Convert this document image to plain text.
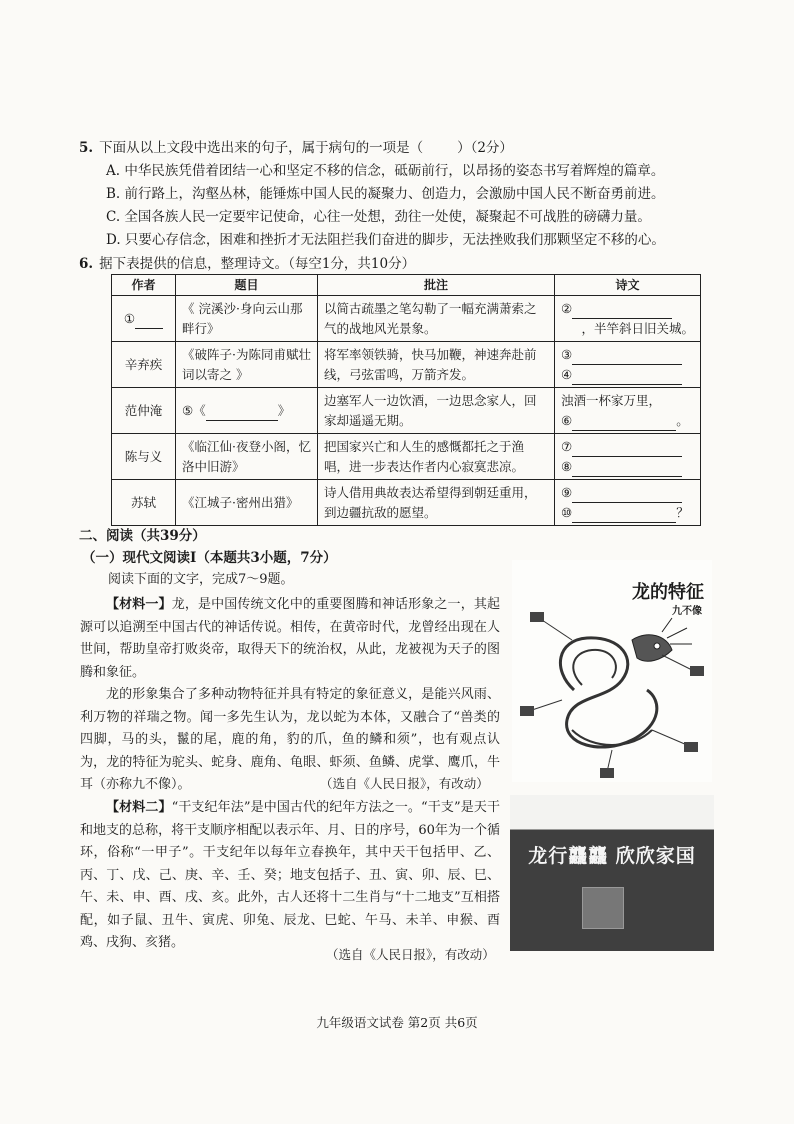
5. 下面从以上文段中选出来的句子，属于病句的一项是（	）（2分）
A. 中华民族凭借着团结一心和坚定不移的信念，砥砺前行，以昂扬的姿态书写着辉煌的篇章。
B. 前行路上，沟壑丛林，能锤炼中国人民的凝聚力、创造力，会激励中国人民不断奋勇前进。
C. 全国各族人民一定要牢记使命，心往一处想，劲往一处使，凝聚起不可战胜的磅礴力量。
D. 只要心存信念，困难和挫折才无法阻拦我们奋进的脚步，无法挫败我们那颗坚定不移的心。
6. 据下表提供的信息，整理诗文。（每空1分，共10分）
作者	题目	批注	诗文
①	《 浣溪沙·身向云山那畔行》	以简古疏墨之笔勾勒了一幅充满萧索之气的战地风光景象。	②
，半竿斜日旧关城。

辛弃疾	《破阵子·为陈同甫赋壮词以寄之 》	将军率领铁骑，快马加鞭，神速奔赴前线，弓弦雷鸣，万箭齐发。	③
④

范仲淹	⑤《 》	边塞军人一边饮酒，一边思念家人，回家却遥遥无期。	浊酒一杯家万里，
⑥ 。

陈与义	《临江仙·夜登小阁，忆洛中旧游》	把国家兴亡和人生的感慨都托之于渔唱，进一步表达作者内心寂寞悲凉。	⑦
⑧

苏轼	《江城子·密州出猎》	诗人借用典故表达希望得到朝廷重用，到边疆抗敌的愿望。	⑨
⑩ ？
二、阅读（共39分）
（一）现代文阅读Ⅰ（本题共3小题，7分）
阅读下面的文字，完成7～9题。

【材料一】龙，是中国传统文化中的重要图腾和神话形象之一，其起源可以追溯至中国古代的神话传说。相传，在黄帝时代，龙曾经出现在人世间，帮助皇帝打败炎帝，取得天下的统治权，从此，龙被视为天子的图腾和象征。

龙的形象集合了多种动物特征并具有特定的象征意义，是能兴风雨、利万物的祥瑞之物。闻一多先生认为，龙以蛇为本体，又融合了“兽类的四脚，马的头，鬣的尾，鹿的角，豹的爪，鱼的鳞和须”，也有观点认为，龙的特征为驼头、蛇身、鹿角、龟眼、虾须、鱼鳞、虎掌、鹰爪，牛耳（亦称九不像）。	（选自《人民日报》，有改动）

【材料二】“干支纪年法”是中国古代的纪年方法之一。“干支”是天干和地支的总称，将干支顺序相配以表示年、月、日的序号，60年为一个循环，俗称“一甲子”。干支纪年以每年立春换年，其中天干包括甲、乙、丙、丁、戊、己、庚、辛、壬、癸；地支包括子、丑、寅、卯、辰、巳、午、未、申、酉、戌、亥。此外，古人还将十二生肖与“十二地支”互相搭配，如子鼠、丑牛、寅虎、卯兔、辰龙、巳蛇、午马、未羊、申猴、酉鸡、戌狗、亥猪。

（选自《人民日报》，有改动）
龙的特征
九不像
龙行龘龘 欣欣家国
九年级语文试卷 第2页 共6页
